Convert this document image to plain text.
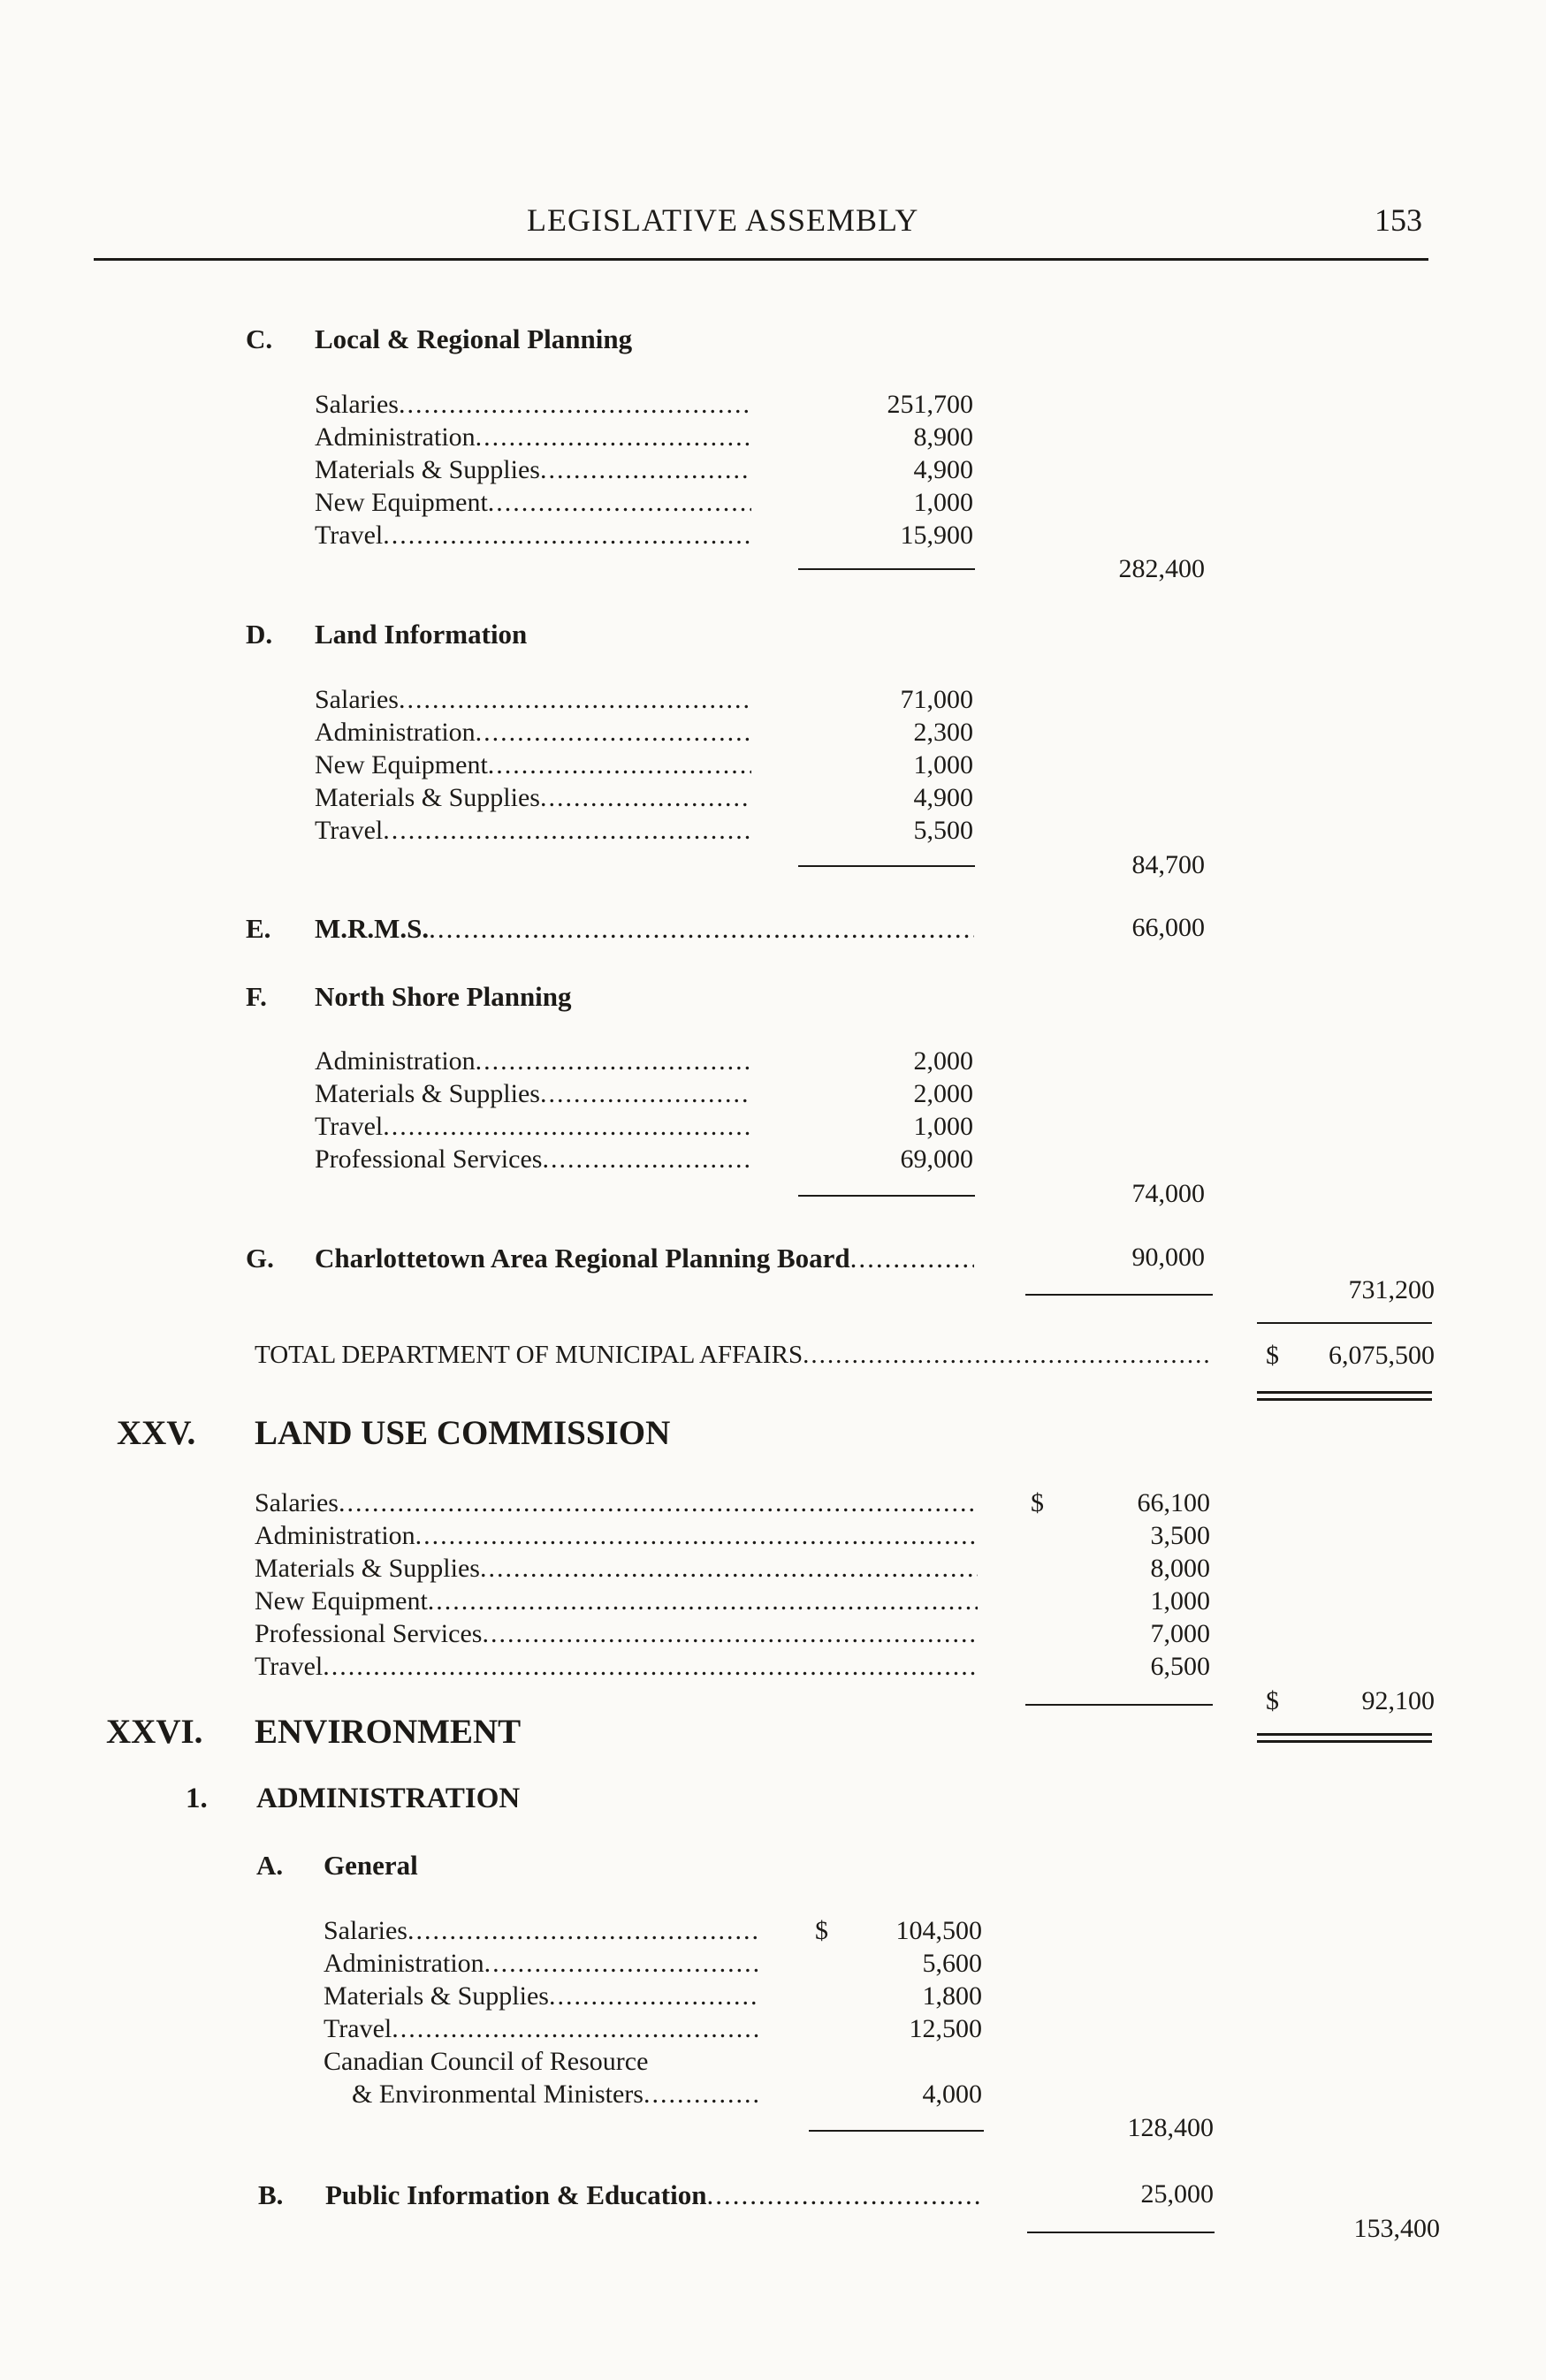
LEGISLATIVE ASSEMBLY	153
C. Local & Regional Planning
Salaries .....	251,700
Administration .....	8,900
Materials & Supplies .....	4,900
New Equipment .....	1,000
Travel .....	15,900
282,400
D. Land Information
Salaries .....	71,000
Administration .....	2,300
New Equipment .....	1,000
Materials & Supplies .....	4,900
Travel .....	5,500
84,700
E. M.R.M.S. .....	66,000
F. North Shore Planning
Administration .....	2,000
Materials & Supplies .....	2,000
Travel .....	1,000
Professional Services .....	69,000
74,000
G. Charlottetown Area Regional Planning Board .....	90,000
731,200
TOTAL DEPARTMENT OF MUNICIPAL AFFAIRS .....	$ 6,075,500
XXV. LAND USE COMMISSION
Salaries .....	$	66,100
Administration .....	3,500
Materials & Supplies .....	8,000
New Equipment .....	1,000
Professional Services .....	7,000
Travel .....	6,500
$	92,100
XXVI. ENVIRONMENT
1. ADMINISTRATION
A. General
Salaries .....	$	104,500
Administration .....	5,600
Materials & Supplies .....	1,800
Travel .....	12,500
Canadian Council of Resource
& Environmental Ministers .....	4,000
128,400
B. Public Information & Education .....	25,000
153,400
